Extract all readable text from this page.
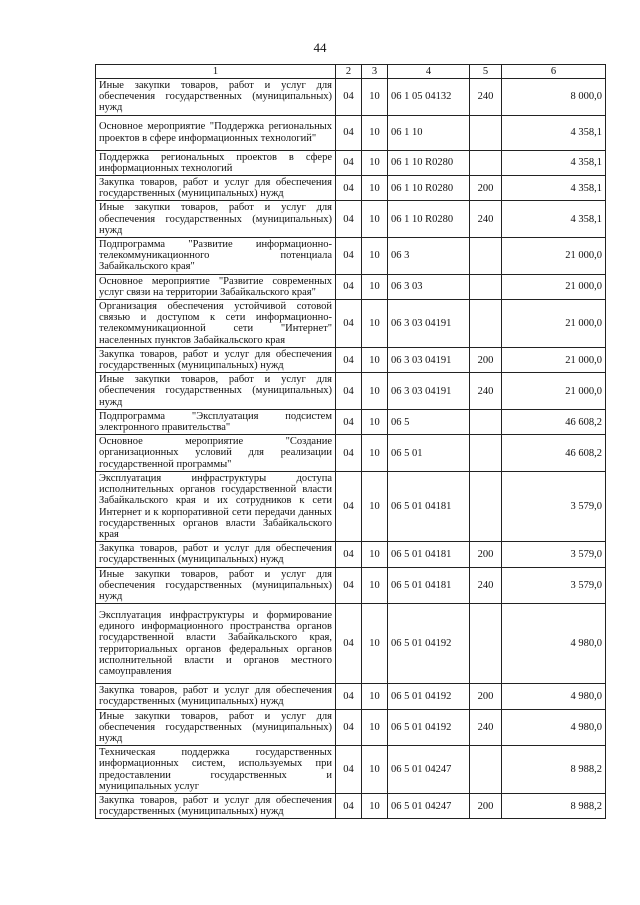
44
1	2	3	4	5	6
Иные закупки товаров, работ и услуг для обеспечения государственных (муниципальных) нужд	04	10	06 1 05 04132	240	8 000,0
Основное мероприятие "Поддержка региональных проектов в сфере информационных технологий"	04	10	06 1 10		4 358,1
Поддержка региональных проектов в сфере информационных технологий	04	10	06 1 10 R0280		4 358,1
Закупка товаров, работ и услуг для обеспечения государственных (муниципальных) нужд	04	10	06 1 10 R0280	200	4 358,1
Иные закупки товаров, работ и услуг для обеспечения государственных (муниципальных) нужд	04	10	06 1 10 R0280	240	4 358,1
Подпрограмма "Развитие информационно-телекоммуникационного потенциала Забайкальского края"	04	10	06 3		21 000,0
Основное мероприятие "Развитие современных услуг связи на территории Забайкальского края"	04	10	06 3 03		21 000,0
Организация обеспечения устойчивой сотовой связью и доступом к сети информационно-телекоммуникационной сети "Интернет" населенных пунктов Забайкальского края	04	10	06 3 03 04191		21 000,0
Закупка товаров, работ и услуг для обеспечения государственных (муниципальных) нужд	04	10	06 3 03 04191	200	21 000,0
Иные закупки товаров, работ и услуг для обеспечения государственных (муниципальных) нужд	04	10	06 3 03 04191	240	21 000,0
Подпрограмма "Эксплуатация подсистем электронного правительства"	04	10	06 5		46 608,2
Основное мероприятие "Создание организационных условий для реализации государственной программы"	04	10	06 5 01		46 608,2
Эксплуатация инфраструктуры доступа исполнительных органов государственной власти Забайкальского края и их сотрудников к сети Интернет и к корпоративной сети передачи данных государственных органов власти Забайкальского края	04	10	06 5 01 04181		3 579,0
Закупка товаров, работ и услуг для обеспечения государственных (муниципальных) нужд	04	10	06 5 01 04181	200	3 579,0
Иные закупки товаров, работ и услуг для обеспечения государственных (муниципальных) нужд	04	10	06 5 01 04181	240	3 579,0
Эксплуатация инфраструктуры и формирование единого информационного пространства органов государственной власти Забайкальского края, территориальных органов федеральных органов исполнительной власти и органов местного самоуправления	04	10	06 5 01 04192		4 980,0
Закупка товаров, работ и услуг для обеспечения государственных (муниципальных) нужд	04	10	06 5 01 04192	200	4 980,0
Иные закупки товаров, работ и услуг для обеспечения государственных (муниципальных) нужд	04	10	06 5 01 04192	240	4 980,0
Техническая поддержка государственных информационных систем, используемых при предоставлении государственных и муниципальных услуг	04	10	06 5 01 04247		8 988,2
Закупка товаров, работ и услуг для обеспечения государственных (муниципальных) нужд	04	10	06 5 01 04247	200	8 988,2
